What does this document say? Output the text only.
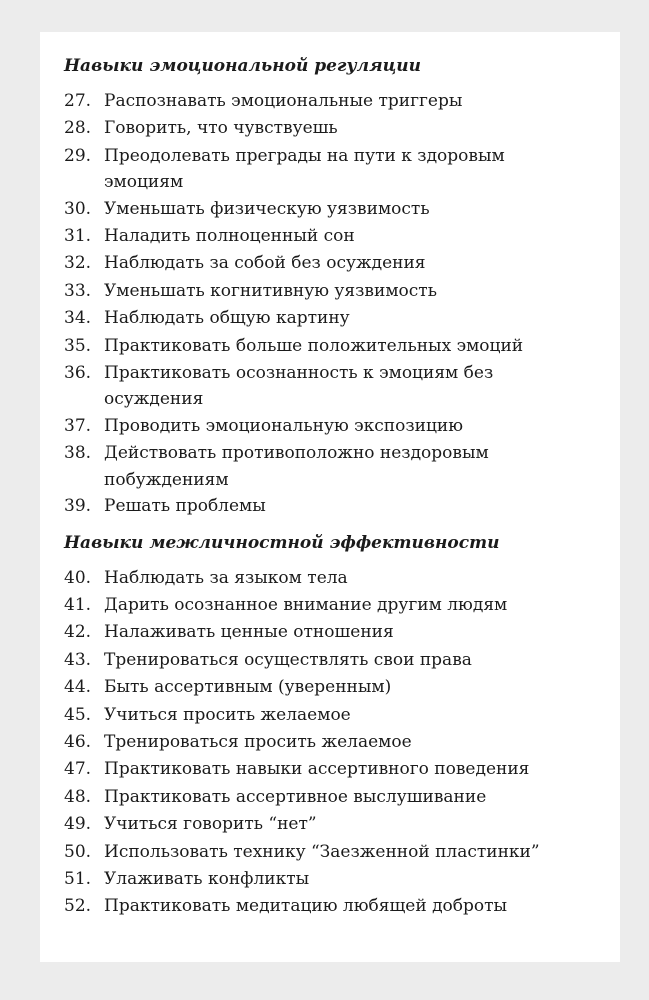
Навыки эмоциональной регуляции
27. Распознавать эмоциональные триггеры
28. Говорить, что чувствуешь
29. Преодолевать преграды на пути к здоровым
эмоциям
30. Уменьшать физическую уязвимость
31. Наладить полноценный сон
32. Наблюдать за собой без осуждения
33. Уменьшать когнитивную уязвимость
34. Наблюдать общую картину
35. Практиковать больше положительных эмоций
36. Практиковать осознанность к эмоциям без
осуждения
37. Проводить эмоциональную экспозицию
38. Действовать противоположно нездоровым
побуждениям
39. Решать проблемы
Навыки межличностной эффективности
40. Наблюдать за языком тела
41. Дарить осознанное внимание другим людям
42. Налаживать ценные отношения
43. Тренироваться осуществлять свои права
44. Быть ассертивным (уверенным)
45. Учиться просить желаемое
46. Тренироваться просить желаемое
47. Практиковать навыки ассертивного поведения
48. Практиковать ассертивное выслушивание
49. Учиться говорить “нет”
50. Использовать технику “Заезженной пластинки”
51. Улаживать конфликты
52. Практиковать медитацию любящей доброты
